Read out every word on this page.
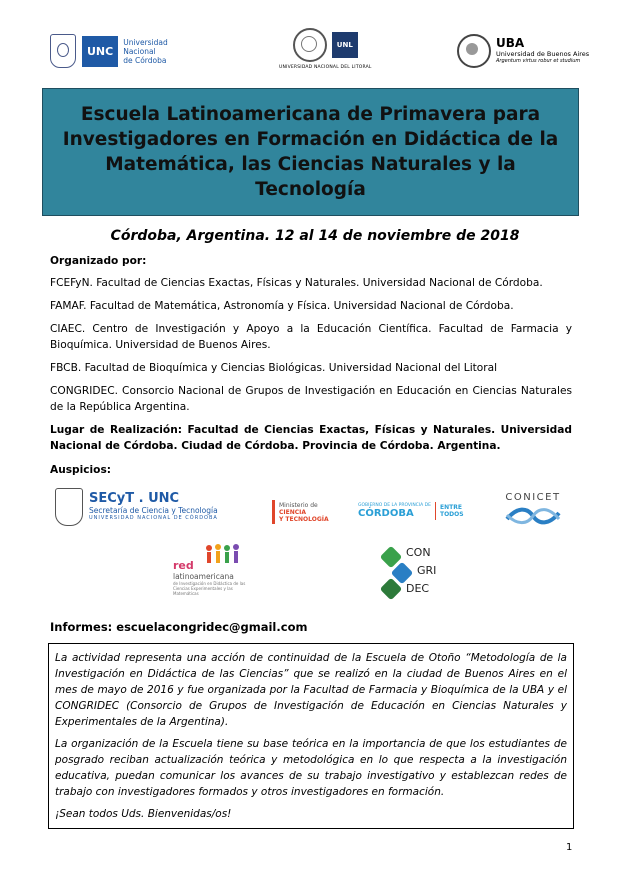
UNC
Universidad
Nacional
de Córdoba
UNL
UNIVERSIDAD NACIONAL DEL LITORAL
UBA
Universidad de Buenos Aires
Argentum virtus robur et studium
Escuela Latinoamericana de Primavera para Investigadores en Formación en Didáctica de la Matemática, las Ciencias Naturales y la Tecnología
Córdoba, Argentina. 12 al 14 de noviembre de 2018
Organizado por:
FCEFyN. Facultad de Ciencias Exactas, Físicas y Naturales. Universidad Nacional de Córdoba.
FAMAF. Facultad de Matemática, Astronomía y Física. Universidad Nacional de Córdoba.
CIAEC. Centro de Investigación y Apoyo a la Educación Científica. Facultad de Farmacia y Bioquímica. Universidad de Buenos Aires.
FBCB. Facultad de Bioquímica y Ciencias Biológicas. Universidad Nacional del Litoral
CONGRIDEC. Consorcio Nacional de Grupos de Investigación en Educación en Ciencias Naturales de la República Argentina.
Lugar de Realización: Facultad de Ciencias Exactas, Físicas y Naturales. Universidad Nacional de Córdoba. Ciudad de Córdoba. Provincia de Córdoba. Argentina.
Auspicios:
SECyT . UNC
Secretaría de Ciencia y Tecnología
UNIVERSIDAD NACIONAL DE CÓRDOBA
Ministerio de
CIENCIA
Y TECNOLOGÍA
GOBIERNO DE LA PROVINCIA DE
CÓRDOBA
ENTRE
TODOS
CONICET
red
latinoamericana
de Investigación en Didáctica de las Ciencias Experimentales y las Matemáticas
CON
GRI
DEC
Informes: escuelacongridec@gmail.com

La actividad representa una acción de continuidad de la Escuela de Otoño “Metodología de la Investigación en Didáctica de las Ciencias” que se realizó en la ciudad de Buenos Aires en el mes de mayo de 2016 y fue organizada por la Facultad de Farmacia y Bioquímica de la UBA y el CONGRIDEC (Consorcio de Grupos de Investigación de Educación en Ciencias Naturales y Experimentales de la Argentina).

La organización de la Escuela tiene su base teórica en la importancia de que los estudiantes de posgrado reciban actualización teórica y metodológica en lo que respecta a la investigación educativa, puedan comunicar los avances de su trabajo investigativo y establezcan redes de trabajo con investigadores formados y otros investigadores en formación.

¡Sean todos Uds. Bienvenidas/os!

1
